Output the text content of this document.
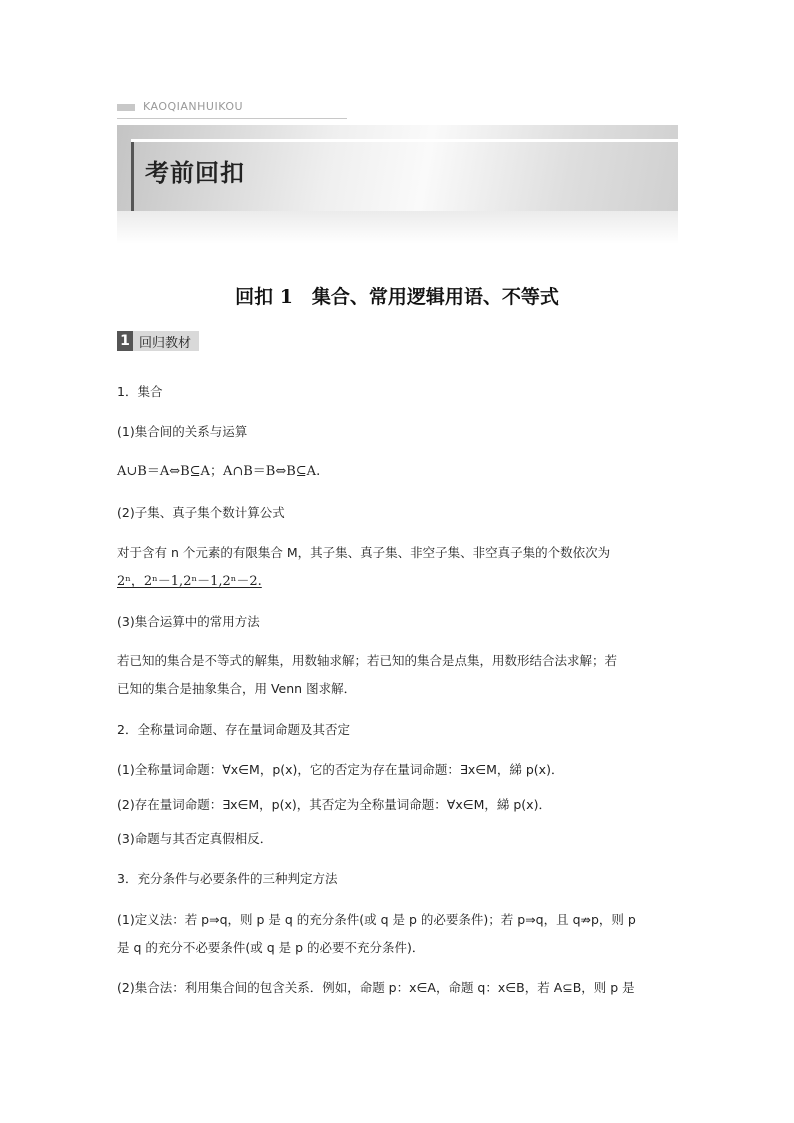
KAOQIANHUIKOU
考前回扣
回扣 1　集合、常用逻辑用语、不等式
1 回归教材
1．集合
(1)集合间的关系与运算
A∪B＝A⇔B⊆A；A∩B＝B⇔B⊆A.
(2)子集、真子集个数计算公式
对于含有 n 个元素的有限集合 M，其子集、真子集、非空子集、非空真子集的个数依次为
2ⁿ，2ⁿ－1,2ⁿ－1,2ⁿ－2.
(3)集合运算中的常用方法
若已知的集合是不等式的解集，用数轴求解；若已知的集合是点集，用数形结合法求解；若
已知的集合是抽象集合，用 Venn 图求解．
2．全称量词命题、存在量词命题及其否定
(1)全称量词命题：∀x∈M，p(x)，它的否定为存在量词命题：∃x∈M，綈 p(x)．
(2)存在量词命题：∃x∈M，p(x)，其否定为全称量词命题：∀x∈M，綈 p(x)．
(3)命题与其否定真假相反．
3．充分条件与必要条件的三种判定方法
(1)定义法：若 p⇒q，则 p 是 q 的充分条件(或 q 是 p 的必要条件)；若 p⇒q，且 q⇏p，则 p
是 q 的充分不必要条件(或 q 是 p 的必要不充分条件)．
(2)集合法：利用集合间的包含关系．例如，命题 p：x∈A，命题 q：x∈B，若 A⊆B，则 p 是
